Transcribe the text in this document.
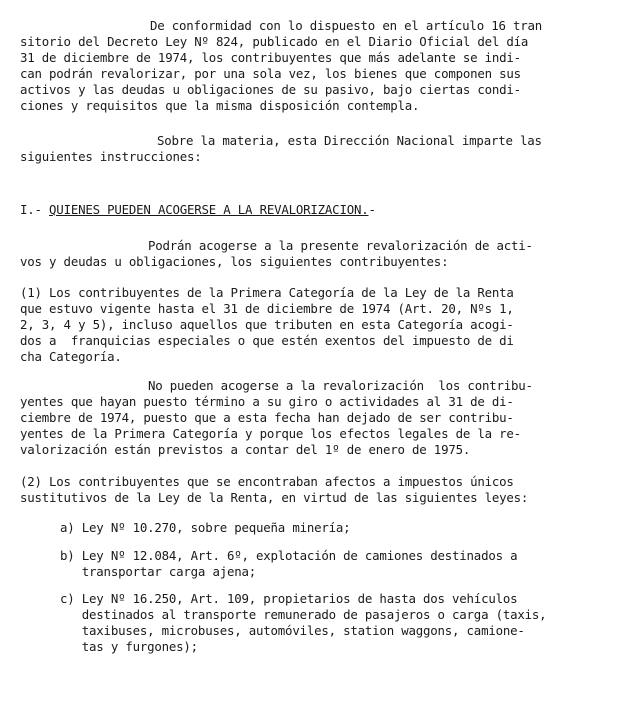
De conformidad con lo dispuesto en el artículo 16 tran
sitorio del Decreto Ley Nº 824, publicado en el Diario Oficial del día
31 de diciembre de 1974, los contribuyentes que más adelante se indi-
can podrán revalorizar, por una sola vez, los bienes que componen sus
activos y las deudas u obligaciones de su pasivo, bajo ciertas condi-
ciones y requisitos que la misma disposición contempla.
Sobre la materia, esta Dirección Nacional imparte las
siguientes instrucciones:
I.- QUIENES PUEDEN ACOGERSE A LA REVALORIZACION.-
Podrán acogerse a la presente revalorización de acti-
vos y deudas u obligaciones, los siguientes contribuyentes:
(1) Los contribuyentes de la Primera Categoría de la Ley de la Renta
que estuvo vigente hasta el 31 de diciembre de 1974 (Art. 20, Nºs 1,
2, 3, 4 y 5), incluso aquellos que tributen en esta Categoría acogi-
dos a  franquicias especiales o que estén exentos del impuesto de di
cha Categoría.
No pueden acogerse a la revalorización  los contribu-
yentes que hayan puesto término a su giro o actividades al 31 de di-
ciembre de 1974, puesto que a esta fecha han dejado de ser contribu-
yentes de la Primera Categoría y porque los efectos legales de la re-
valorización están previstos a contar del 1º de enero de 1975.
(2) Los contribuyentes que se encontraban afectos a impuestos únicos
sustitutivos de la Ley de la Renta, en virtud de las siguientes leyes:
a) Ley Nº 10.270, sobre pequeña minería;
b) Ley Nº 12.084, Art. 6º, explotación de camiones destinados a
transportar carga ajena;
c) Ley Nº 16.250, Art. 109, propietarios de hasta dos vehículos
destinados al transporte remunerado de pasajeros o carga (taxis,
taxibuses, microbuses, automóviles, station waggons, camione-
tas y furgones);
